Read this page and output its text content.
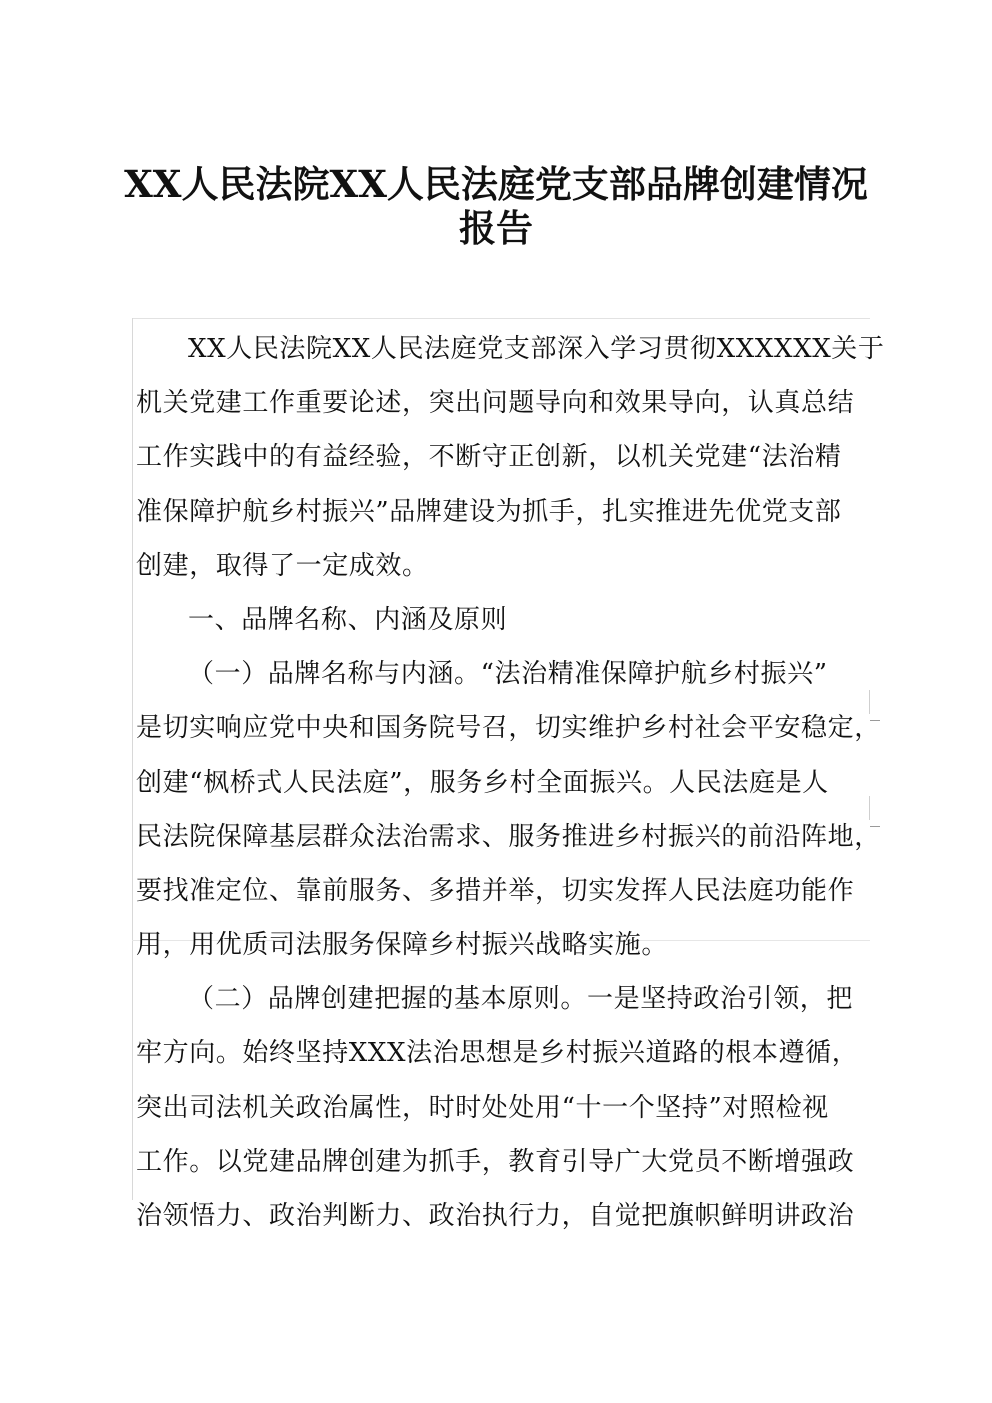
XX人民法院XX人民法庭党支部品牌创建情况
报告
XX人民法院XX人民法庭党支部深入学习贯彻XXXXXX关于
机关党建工作重要论述，突出问题导向和效果导向，认真总结
工作实践中的有益经验，不断守正创新，以机关党建“法治精
准保障护航乡村振兴”品牌建设为抓手，扎实推进先优党支部
创建，取得了一定成效。
一、品牌名称、内涵及原则
（一）品牌名称与内涵。“法治精准保障护航乡村振兴”
是切实响应党中央和国务院号召，切实维护乡村社会平安稳定，
创建“枫桥式人民法庭”，服务乡村全面振兴。人民法庭是人
民法院保障基层群众法治需求、服务推进乡村振兴的前沿阵地，
要找准定位、靠前服务、多措并举，切实发挥人民法庭功能作
用，用优质司法服务保障乡村振兴战略实施。
（二）品牌创建把握的基本原则。一是坚持政治引领，把
牢方向。始终坚持XXX法治思想是乡村振兴道路的根本遵循，
突出司法机关政治属性，时时处处用“十一个坚持”对照检视
工作。以党建品牌创建为抓手，教育引导广大党员不断增强政
治领悟力、政治判断力、政治执行力，自觉把旗帜鲜明讲政治
